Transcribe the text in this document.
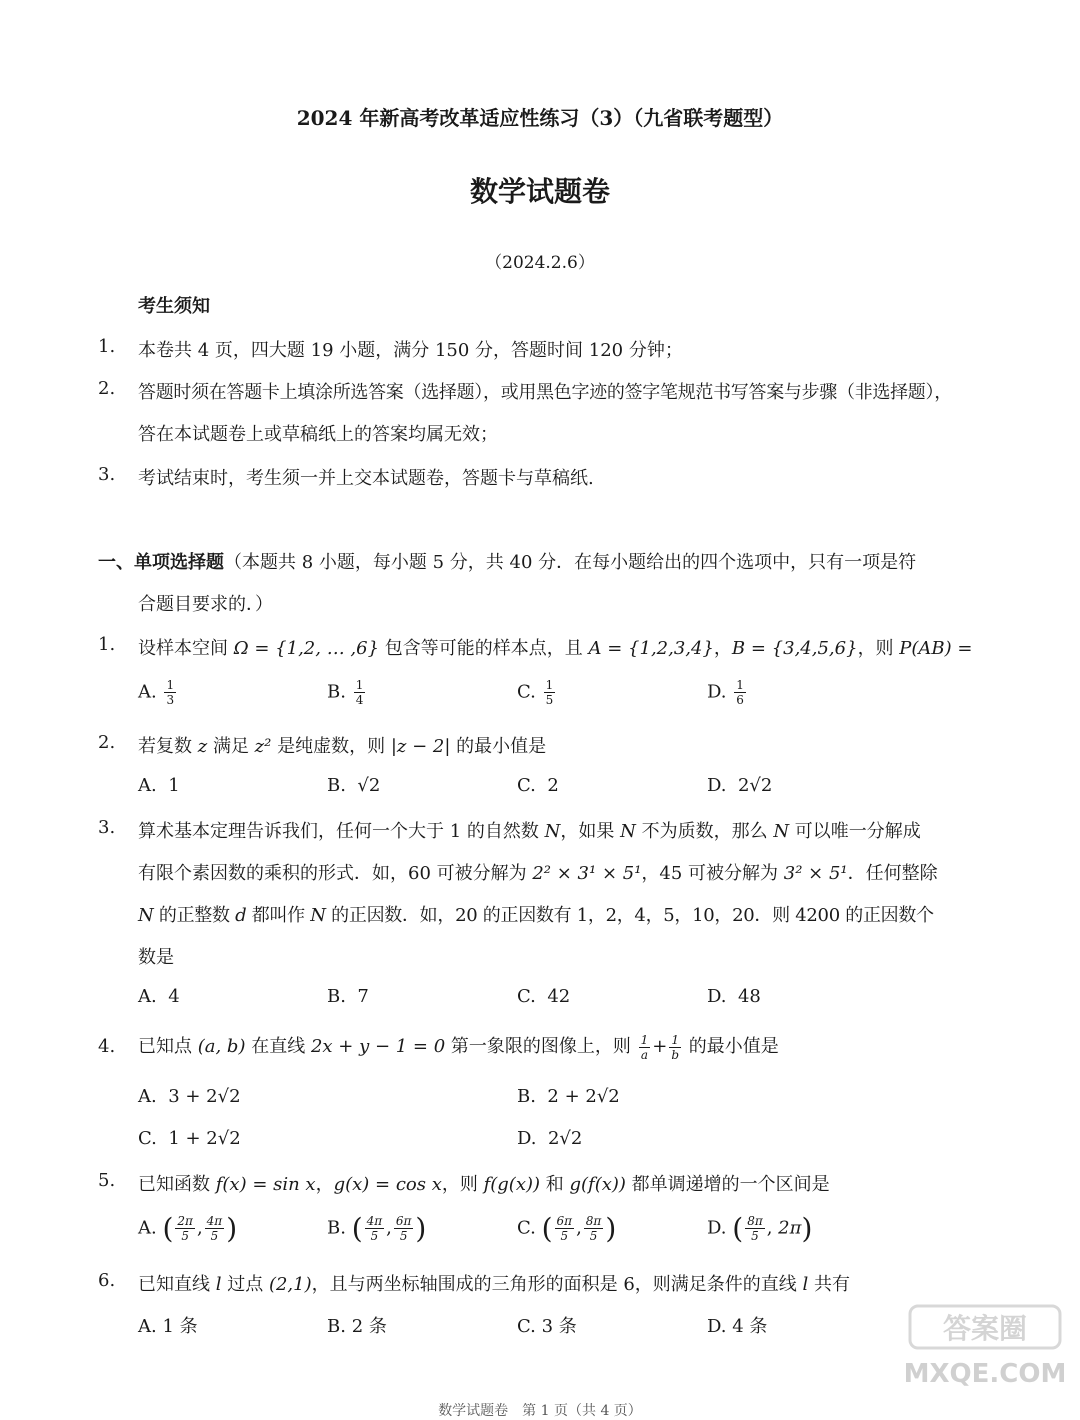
2024 年新高考改革适应性练习（3）（九省联考题型）
数学试题卷
（2024.2.6）
考生须知
1. 本卷共 4 页，四大题 19 小题，满分 150 分，答题时间 120 分钟；
2. 答题时须在答题卡上填涂所选答案（选择题），或用黑色字迹的签字笔规范书写答案与步骤（非选择题），
答在本试题卷上或草稿纸上的答案均属无效；
3. 考试结束时，考生须一并上交本试题卷，答题卡与草稿纸.
一、单项选择题（本题共 8 小题，每小题 5 分，共 40 分．在每小题给出的四个选项中，只有一项是符
合题目要求的．）
1. 设样本空间 Ω = {1,2, … ,6} 包含等可能的样本点，且 A = {1,2,3,4}，B = {3,4,5,6}，则 P(AB) =
A. $\frac{1}{3}$	B. $\frac{1}{4}$	C. $\frac{1}{5}$	D. $\frac{1}{6}$
2. 若复数 z 满足 z² 是纯虚数，则 |z − 2| 的最小值是
A. 1	B. √2	C. 2	D. 2√2
3. 算术基本定理告诉我们，任何一个大于 1 的自然数 N，如果 N 不为质数，那么 N 可以唯一分解成
有限个素因数的乘积的形式．如，60 可被分解为 2² × 3¹ × 5¹，45 可被分解为 3² × 5¹．任何整除
N 的正整数 d 都叫作 N 的正因数．如，20 的正因数有 1，2，4，5，10，20．则 4200 的正因数个
数是
A. 4	B. 7	C. 42	D. 48
4. 已知点 (a, b) 在直线 2x + y − 1 = 0 第一象限的图像上，则 $\frac{1}{a} + \frac{1}{b}$ 的最小值是
A. 3 + 2√2	B. 2 + 2√2
C. 1 + 2√2	D. 2√2
5. 已知函数 f(x) = sin x，g(x) = cos x，则 f(g(x)) 和 g(f(x)) 都单调递增的一个区间是
A. ( $\frac{2\pi}{5}$ , $\frac{4\pi}{5}$ )	B. ( $\frac{4\pi}{5}$ , $\frac{6\pi}{5}$ )	C. ( $\frac{6\pi}{5}$ , $\frac{8\pi}{5}$ )	D. ( $\frac{8\pi}{5}$ , 2π)
6. 已知直线 l 过点 (2,1)，且与两坐标轴围成的三角形的面积是 6，则满足条件的直线 l 共有
A. 1 条	B. 2 条	C. 3 条	D. 4 条	答案圈
MXQE.COM
数学试题卷　第 1 页（共 4 页）
